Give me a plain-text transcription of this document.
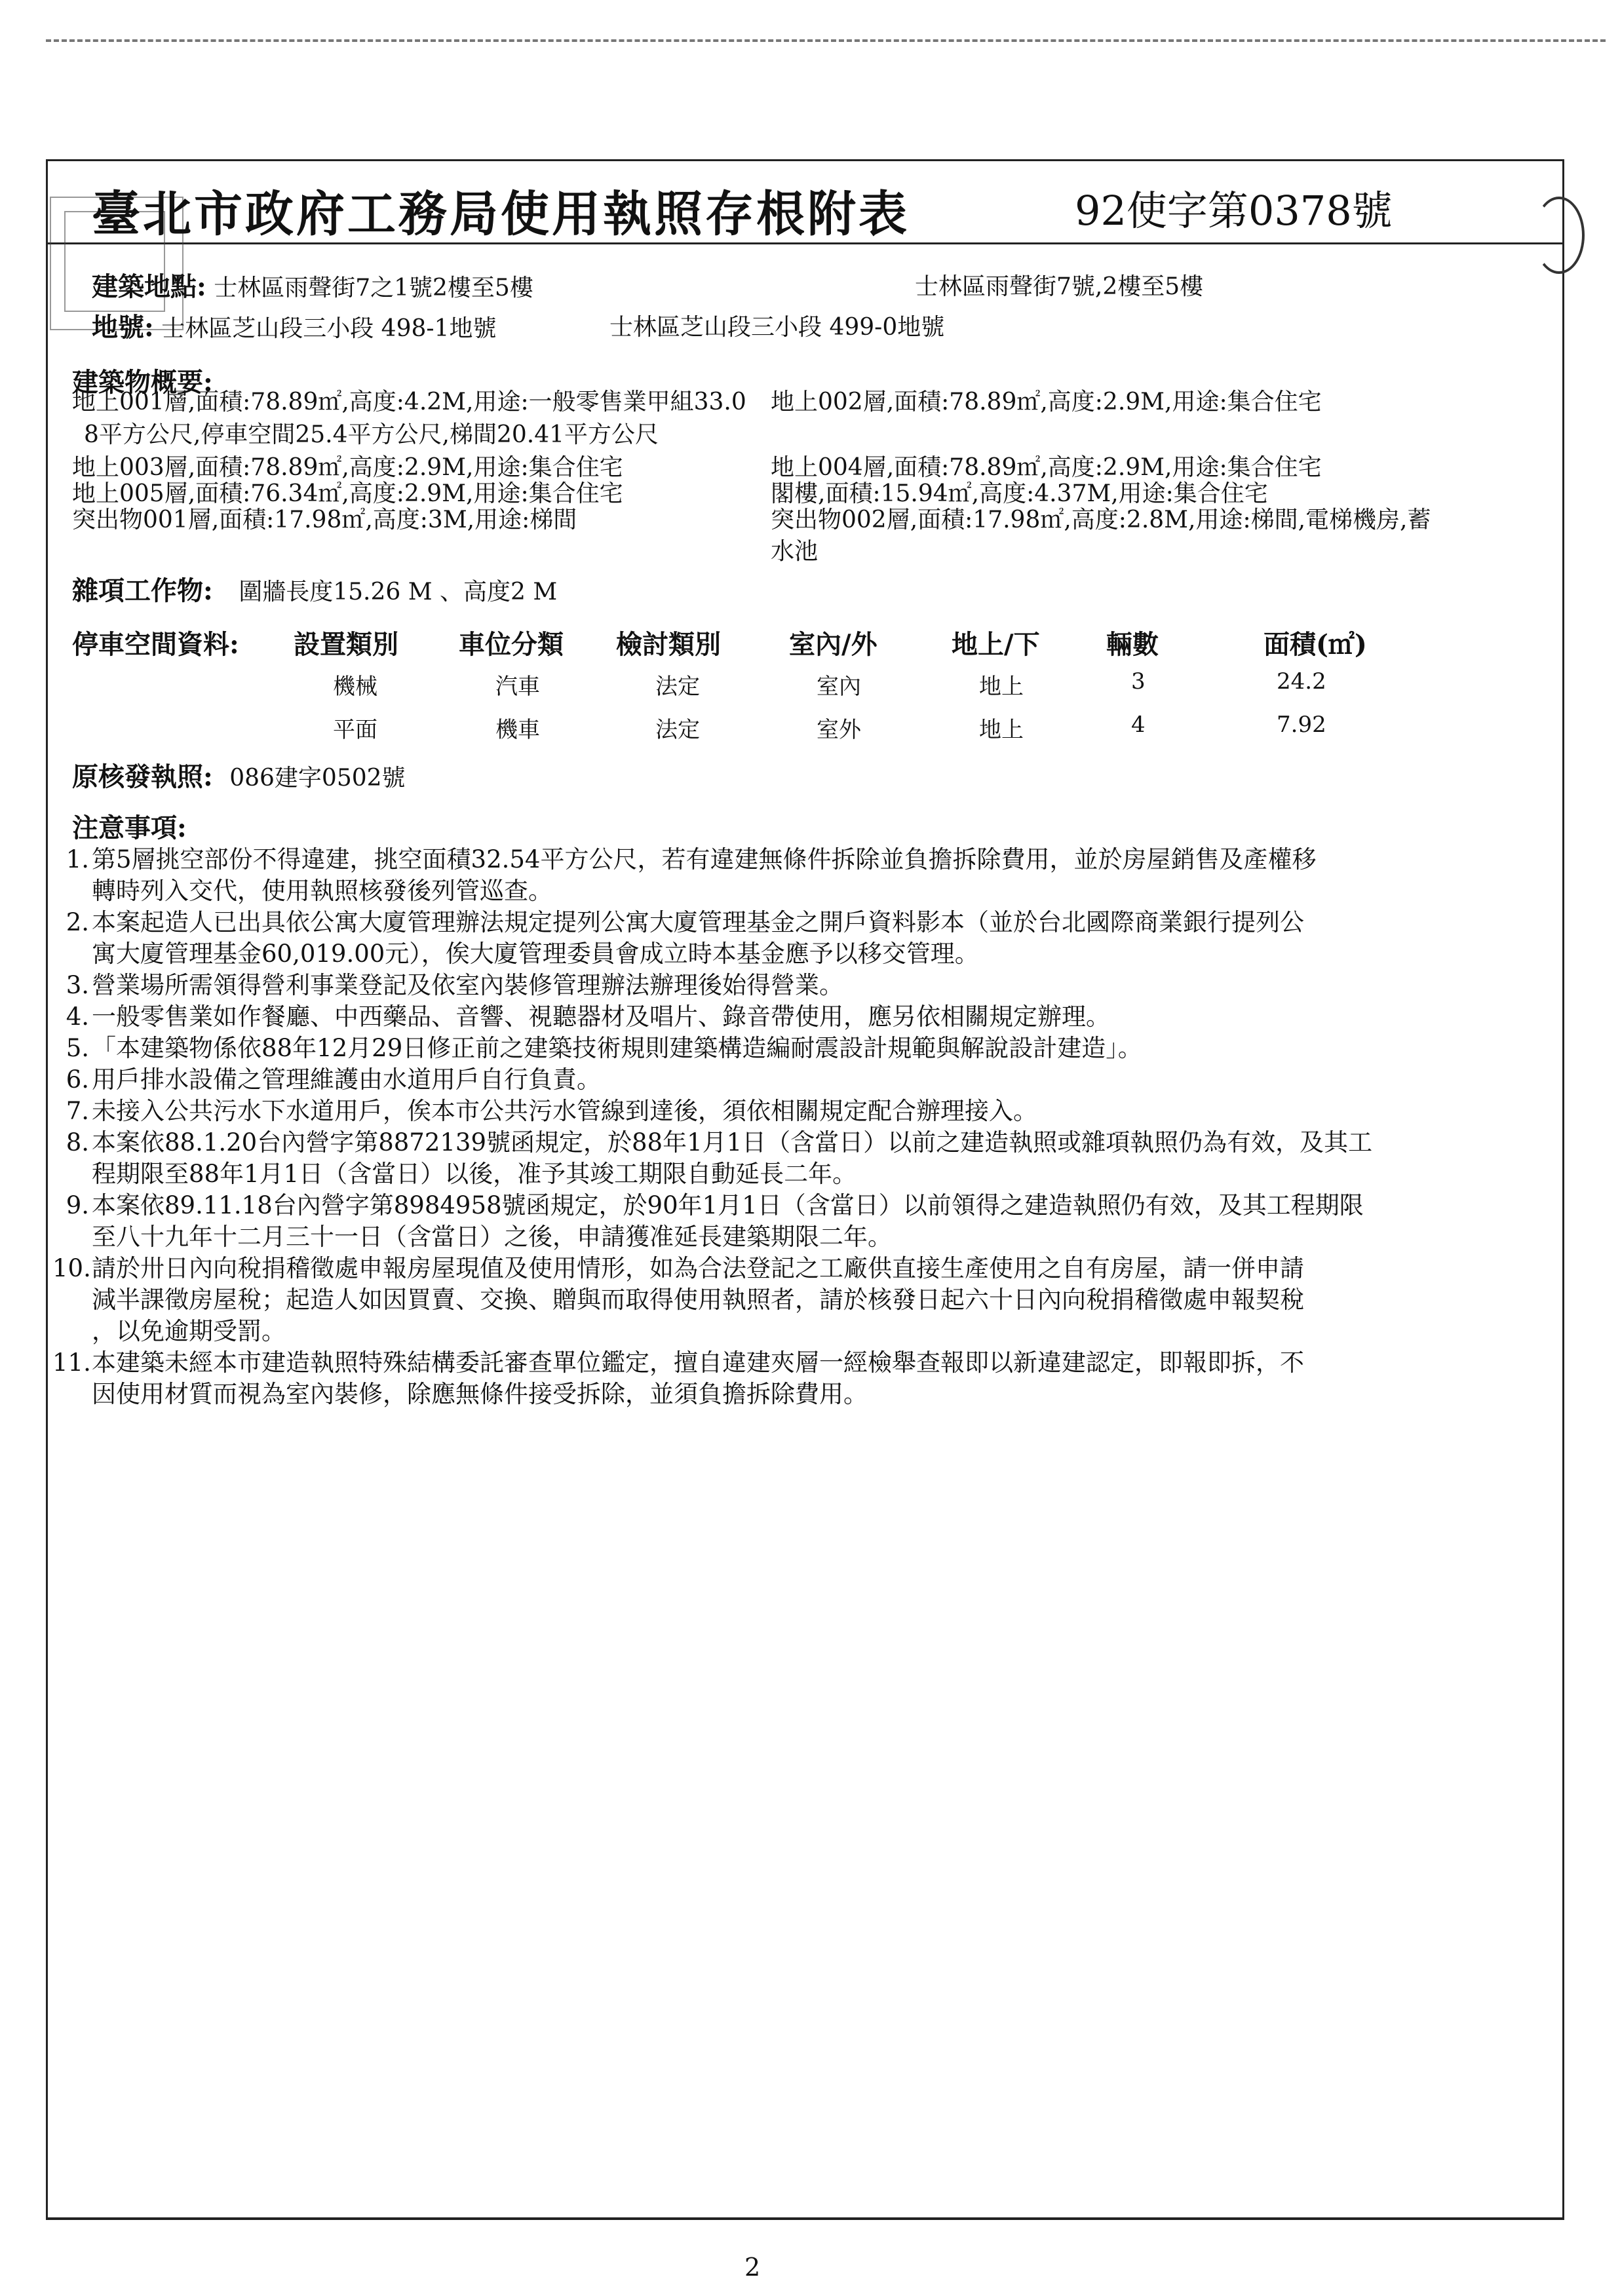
臺北市政府工務局使用執照存根附表	92使字第0378號
建築地點: 士林區雨聲街7之1號2樓至5樓	士林區雨聲街7號,2樓至5樓
地號: 士林區芝山段三小段 498-1地號	士林區芝山段三小段 499-0地號
建築物概要:
地上001層,面積:78.89㎡,高度:4.2M,用途:一般零售業甲組33.0 地上002層,面積:78.89㎡,高度:2.9M,用途:集合住宅
8平方公尺,停車空間25.4平方公尺,梯間20.41平方公尺
地上003層,面積:78.89㎡,高度:2.9M,用途:集合住宅	地上004層,面積:78.89㎡,高度:2.9M,用途:集合住宅
地上005層,面積:76.34㎡,高度:2.9M,用途:集合住宅	閣樓,面積:15.94㎡,高度:4.37M,用途:集合住宅
突出物001層,面積:17.98㎡,高度:3M,用途:梯間	突出物002層,面積:17.98㎡,高度:2.8M,用途:梯間,電梯機房,蓄
水池
雜項工作物: 圍牆長度15.26 M 、高度2 M
停車空間資料: 設置類別 車位分類 檢討類別	室內/外	地上/下	輛數	面積(㎡)
機械	汽車	法定	室內	地上	3	24.2
平面	機車	法定	室外	地上	4	7.92
原核發執照: 086建字0502號
注意事項:
1. 第5層挑空部份不得違建，挑空面積32.54平方公尺，若有違建無條件拆除並負擔拆除費用，並於房屋銷售及產權移
轉時列入交代，使用執照核發後列管巡查。
2. 本案起造人已出具依公寓大廈管理辦法規定提列公寓大廈管理基金之開戶資料影本（並於台北國際商業銀行提列公
寓大廈管理基金60,019.00元），俟大廈管理委員會成立時本基金應予以移交管理。
3. 營業場所需領得營利事業登記及依室內裝修管理辦法辦理後始得營業。
4. 一般零售業如作餐廳、中西藥品、音響、視聽器材及唱片、錄音帶使用，應另依相關規定辦理。
5. 「本建築物係依88年12月29日修正前之建築技術規則建築構造編耐震設計規範與解說設計建造」。
6. 用戶排水設備之管理維護由水道用戶自行負責。
7. 未接入公共污水下水道用戶，俟本市公共污水管線到達後，須依相關規定配合辦理接入。
8. 本案依88.1.20台內營字第8872139號函規定，於88年1月1日（含當日）以前之建造執照或雜項執照仍為有效，及其工
程期限至88年1月1日（含當日）以後，准予其竣工期限自動延長二年。
9. 本案依89.11.18台內營字第8984958號函規定，於90年1月1日（含當日）以前領得之建造執照仍有效，及其工程期限
至八十九年十二月三十一日（含當日）之後，申請獲准延長建築期限二年。
10. 請於卅日內向稅捐稽徵處申報房屋現值及使用情形，如為合法登記之工廠供直接生產使用之自有房屋，請一併申請
減半課徵房屋稅；起造人如因買賣、交換、贈與而取得使用執照者，請於核發日起六十日內向稅捐稽徵處申報契稅
，以免逾期受罰。
11. 本建築未經本市建造執照特殊結構委託審查單位鑑定，擅自違建夾層一經檢舉查報即以新違建認定，即報即拆，不
因使用材質而視為室內裝修，除應無條件接受拆除，並須負擔拆除費用。
2
